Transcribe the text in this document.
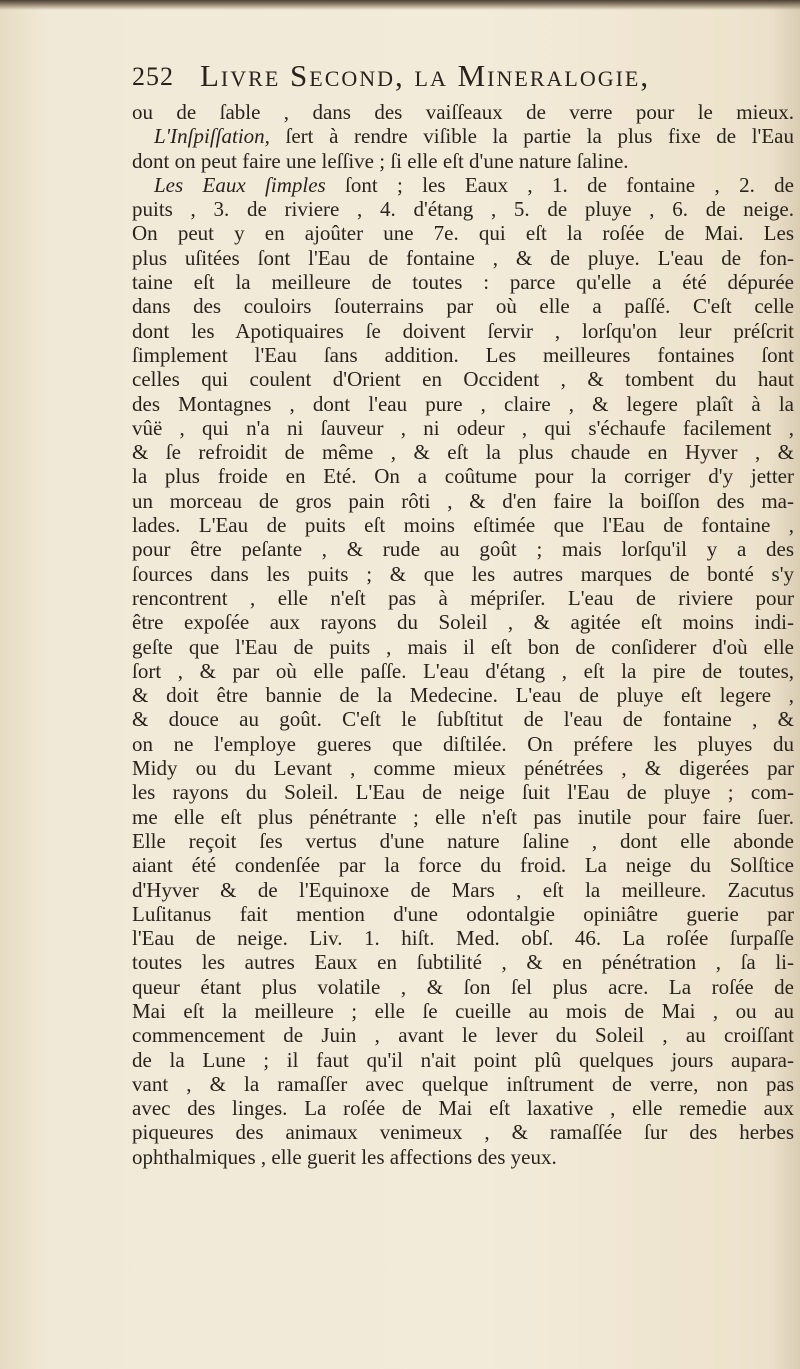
252 Livre Second, la Mineralogie,
ou de ſable , dans des vaiſſeaux de verre pour le mieux.
L'Inſpiſſation, ſert à rendre viſible la partie la plus fixe de l'Eau
dont on peut faire une leſſive ; ſi elle eſt d'une nature ſaline.
Les Eaux ſimples ſont ; les Eaux , 1. de fontaine , 2. de
puits , 3. de riviere , 4. d'étang , 5. de pluye , 6. de neige.
On peut y en ajoûter une 7e. qui eſt la roſée de Mai. Les
plus uſitées ſont l'Eau de fontaine , & de pluye. L'eau de fon-
taine eſt la meilleure de toutes : parce qu'elle a été dépurée
dans des couloirs ſouterrains par où elle a paſſé. C'eſt celle
dont les Apotiquaires ſe doivent ſervir , lorſqu'on leur préſcrit
ſimplement l'Eau ſans addition. Les meilleures fontaines ſont
celles qui coulent d'Orient en Occident , & tombent du haut
des Montagnes , dont l'eau pure , claire , & legere plaît à la
vûë , qui n'a ni ſauveur , ni odeur , qui s'échaufe facilement ,
& ſe refroidit de même , & eſt la plus chaude en Hyver , &
la plus froide en Eté. On a coûtume pour la corriger d'y jetter
un morceau de gros pain rôti , & d'en faire la boiſſon des ma-
lades. L'Eau de puits eſt moins eſtimée que l'Eau de fontaine ,
pour être peſante , & rude au goût ; mais lorſqu'il y a des
ſources dans les puits ; & que les autres marques de bonté s'y
rencontrent , elle n'eſt pas à mépriſer. L'eau de riviere pour
être expoſée aux rayons du Soleil , & agitée eſt moins indi-
geſte que l'Eau de puits , mais il eſt bon de conſiderer d'où elle
ſort , & par où elle paſſe. L'eau d'étang , eſt la pire de toutes,
& doit être bannie de la Medecine. L'eau de pluye eſt legere ,
& douce au goût. C'eſt le ſubſtitut de l'eau de fontaine , &
on ne l'employe gueres que diſtilée. On préfere les pluyes du
Midy ou du Levant , comme mieux pénétrées , & digerées par
les rayons du Soleil. L'Eau de neige ſuit l'Eau de pluye ; com-
me elle eſt plus pénétrante ; elle n'eſt pas inutile pour faire ſuer.
Elle reçoit ſes vertus d'une nature ſaline , dont elle abonde
aiant été condenſée par la force du froid. La neige du Solſtice
d'Hyver & de l'Equinoxe de Mars , eſt la meilleure. Zacutus
Luſitanus fait mention d'une odontalgie opiniâtre guerie par
l'Eau de neige. Liv. 1. hiſt. Med. obſ. 46. La roſée ſurpaſſe
toutes les autres Eaux en ſubtilité , & en pénétration , ſa li-
queur étant plus volatile , & ſon ſel plus acre. La roſée de
Mai eſt la meilleure ; elle ſe cueille au mois de Mai , ou au
commencement de Juin , avant le lever du Soleil , au croiſſant
de la Lune ; il faut qu'il n'ait point plû quelques jours aupara-
vant , & la ramaſſer avec quelque inſtrument de verre, non pas
avec des linges. La roſée de Mai eſt laxative , elle remedie aux
piqueures des animaux venimeux , & ramaſſée ſur des herbes
ophthalmiques , elle guerit les affections des yeux.
